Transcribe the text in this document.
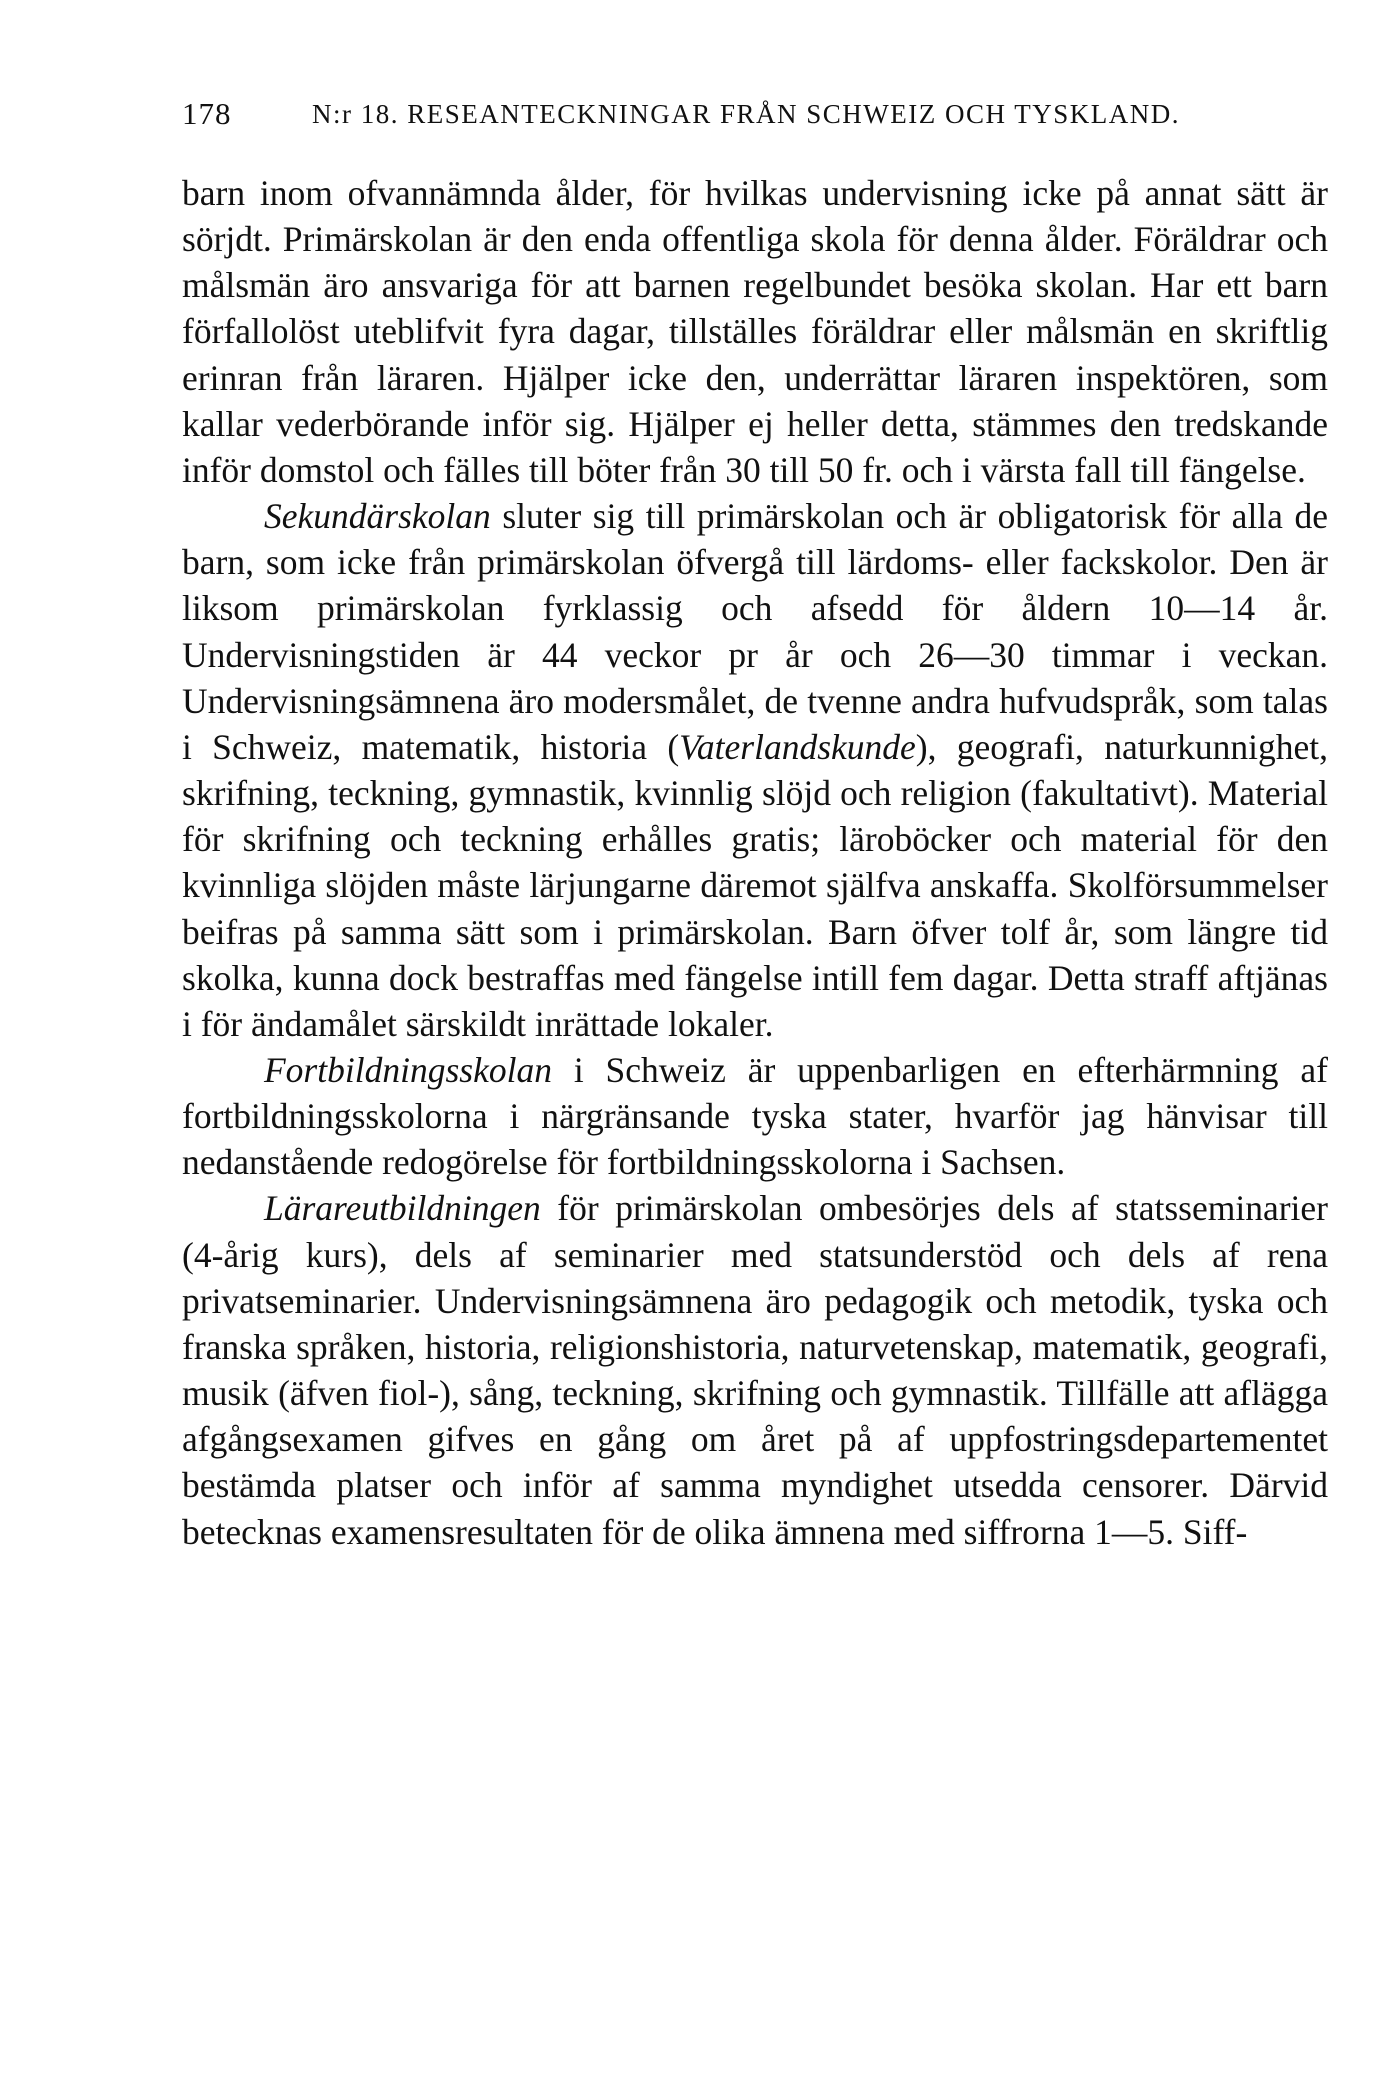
178	N:r 18. RESEANTECKNINGAR FRÅN SCHWEIZ OCH TYSKLAND.

barn inom ofvannämnda ålder, för hvilkas undervisning icke på annat sätt är sörjdt. Primärskolan är den enda offentliga skola för denna ålder. Föräldrar och målsmän äro ansvariga för att barnen regelbundet besöka skolan. Har ett barn förfallolöst uteblifvit fyra dagar, tillställes föräldrar eller målsmän en skriftlig erinran från läraren. Hjälper icke den, underrättar läraren inspektören, som kallar vederbörande inför sig. Hjälper ej heller detta, stämmes den tredskande inför domstol och fälles till böter från 30 till 50 fr. och i värsta fall till fängelse.

Sekundärskolan sluter sig till primärskolan och är obligatorisk för alla de barn, som icke från primärskolan öfvergå till lärdoms- eller fackskolor. Den är liksom primärskolan fyrklassig och afsedd för åldern 10—14 år. Undervisningstiden är 44 veckor pr år och 26—30 timmar i veckan. Undervisningsämnena äro modersmålet, de tvenne andra hufvudspråk, som talas i Schweiz, matematik, historia (Vaterlandskunde), geografi, naturkunnighet, skrifning, teckning, gymnastik, kvinnlig slöjd och religion (fakultativt). Material för skrifning och teckning erhålles gratis; läroböcker och material för den kvinnliga slöjden måste lärjungarne däremot själfva anskaffa. Skolförsummelser beifras på samma sätt som i primärskolan. Barn öfver tolf år, som längre tid skolka, kunna dock bestraffas med fängelse intill fem dagar. Detta straff aftjänas i för ändamålet särskildt inrättade lokaler.

Fortbildningsskolan i Schweiz är uppenbarligen en efterhärmning af fortbildningsskolorna i närgränsande tyska stater, hvarför jag hänvisar till nedanstående redogörelse för fortbildningsskolorna i Sachsen.

Lärareutbildningen för primärskolan ombesörjes dels af statsseminarier (4-årig kurs), dels af seminarier med statsunderstöd och dels af rena privatseminarier. Undervisningsämnena äro pedagogik och metodik, tyska och franska språken, historia, religionshistoria, naturvetenskap, matematik, geografi, musik (äfven fiol-), sång, teckning, skrifning och gymnastik. Tillfälle att aflägga afgångsexamen gifves en gång om året på af uppfostringsdepartementet bestämda platser och inför af samma myndighet utsedda censorer. Därvid betecknas examensresultaten för de olika ämnena med siffrorna 1—5. Siff-
